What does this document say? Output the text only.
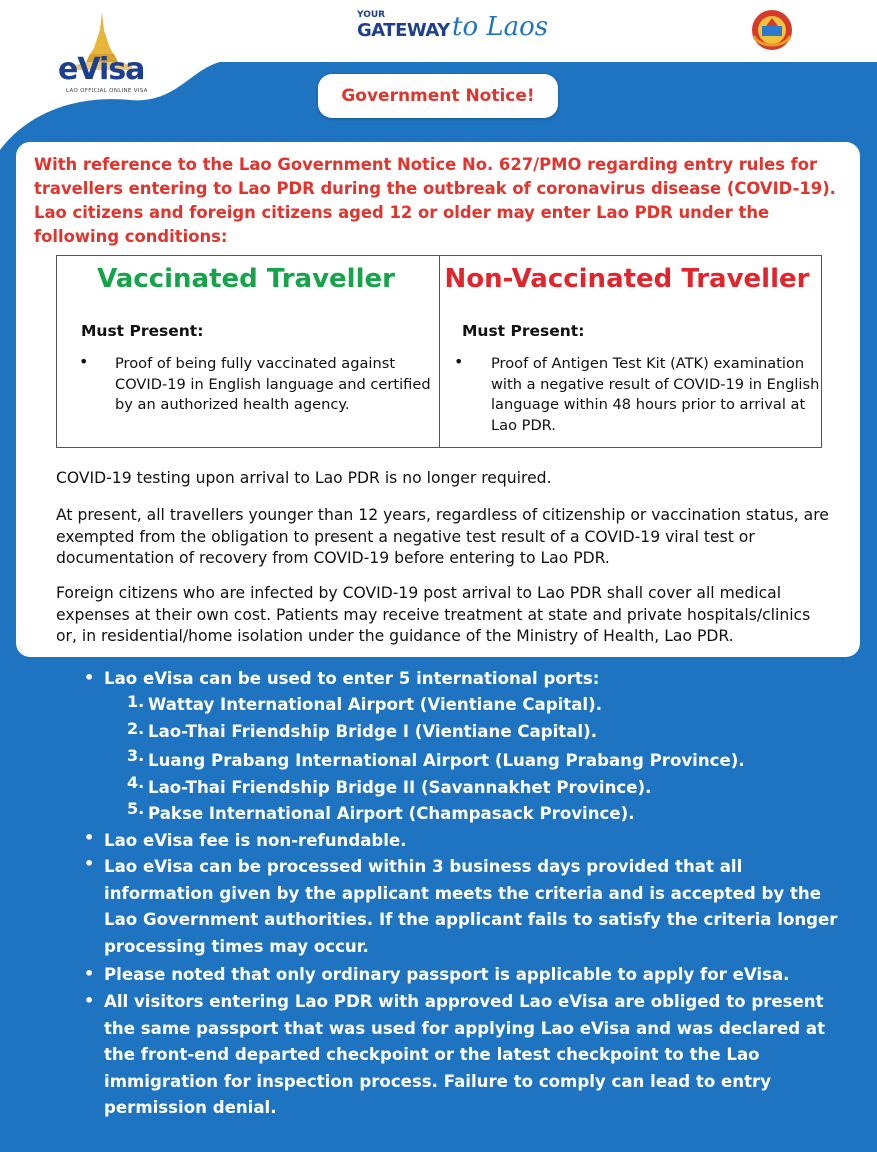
eVisa
LAO OFFICIAL ONLINE VISA
YOUR
GATEWAY to Laos
Government Notice!
With reference to the Lao Government Notice No. 627/PMO regarding entry rules for travellers entering to Lao PDR during the outbreak of coronavirus disease (COVID-19). Lao citizens and foreign citizens aged 12 or older may enter Lao PDR under the following conditions:
Vaccinated Traveller
Must Present:
• Proof of being fully vaccinated against COVID-19 in English language and certified by an authorized health agency.
Non-Vaccinated Traveller
Must Present:
• Proof of Antigen Test Kit (ATK) examination with a negative result of COVID-19 in English language within 48 hours prior to arrival at Lao PDR.
COVID-19 testing upon arrival to Lao PDR is no longer required.
At present, all travellers younger than 12 years, regardless of citizenship or vaccination status, are exempted from the obligation to present a negative test result of a COVID-19 viral test or documentation of recovery from COVID-19 before entering to Lao PDR.
Foreign citizens who are infected by COVID-19 post arrival to Lao PDR shall cover all medical expenses at their own cost. Patients may receive treatment at state and private hospitals/clinics or, in residential/home isolation under the guidance of the Ministry of Health, Lao PDR.
• Lao eVisa can be used to enter 5 international ports:
1. Wattay International Airport (Vientiane Capital).
2. Lao-Thai Friendship Bridge I (Vientiane Capital).
3. Luang Prabang International Airport (Luang Prabang Province).
4. Lao-Thai Friendship Bridge II (Savannakhet Province).
5. Pakse International Airport (Champasack Province).
• Lao eVisa fee is non-refundable.
• Lao eVisa can be processed within 3 business days provided that all information given by the applicant meets the criteria and is accepted by the Lao Government authorities. If the applicant fails to satisfy the criteria longer processing times may occur.
• Please noted that only ordinary passport is applicable to apply for eVisa.
• All visitors entering Lao PDR with approved Lao eVisa are obliged to present the same passport that was used for applying Lao eVisa and was declared at the front-end departed checkpoint or the latest checkpoint to the Lao immigration for inspection process. Failure to comply can lead to entry permission denial.
